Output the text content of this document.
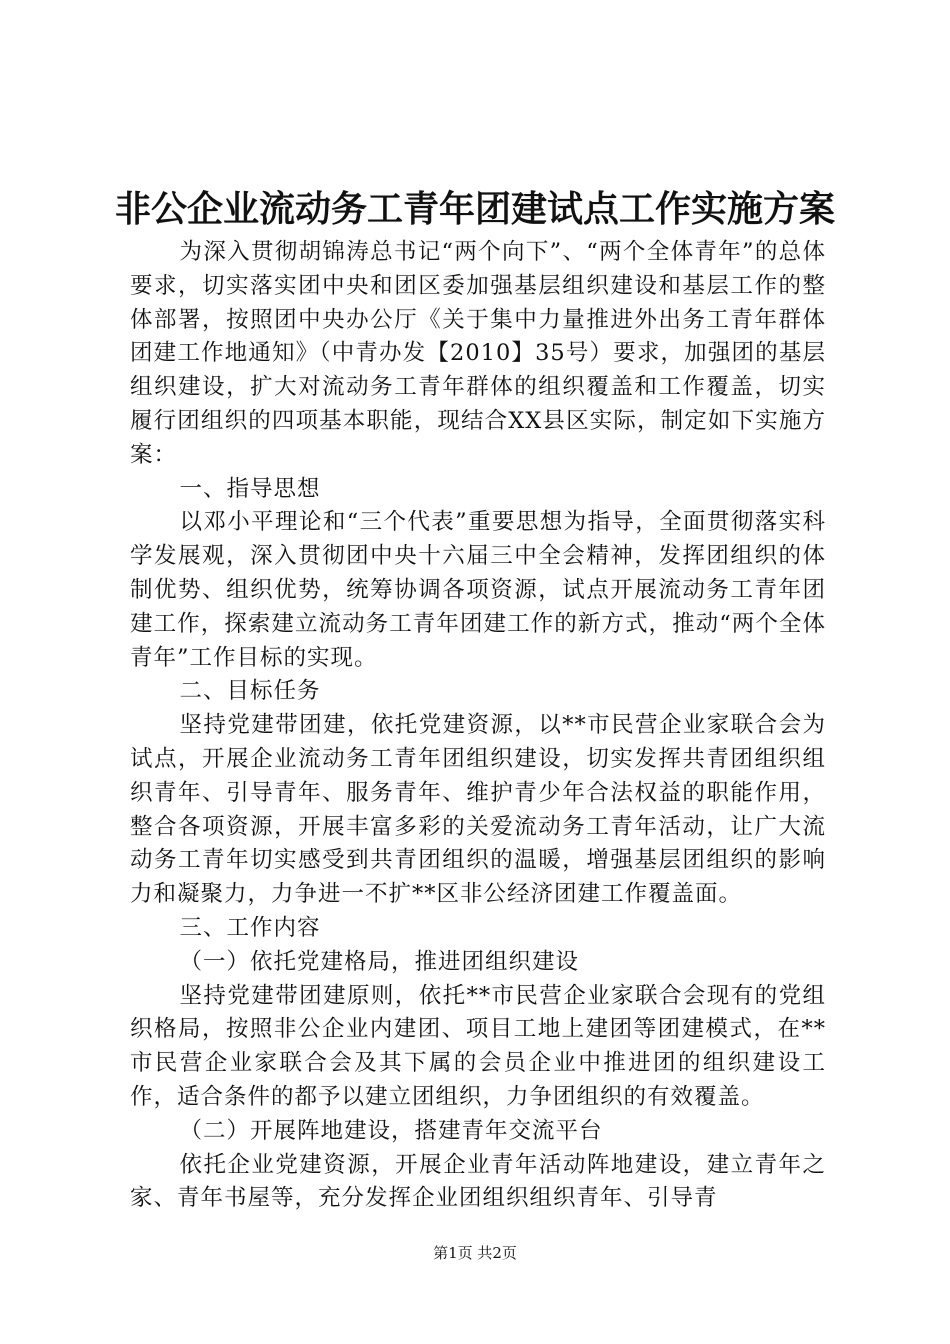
非公企业流动务工青年团建试点工作实施方案

为深入贯彻胡锦涛总书记“两个向下”、“两个全体青年”的总体要求，切实落实团中央和团区委加强基层组织建设和基层工作的整体部署，按照团中央办公厅《关于集中力量推进外出务工青年群体团建工作地通知》（中青办发【2010】35号）要求，加强团的基层组织建设，扩大对流动务工青年群体的组织覆盖和工作覆盖，切实履行团组织的四项基本职能，现结合XX县区实际，制定如下实施方案：

一、指导思想

以邓小平理论和“三个代表”重要思想为指导，全面贯彻落实科学发展观，深入贯彻团中央十六届三中全会精神，发挥团组织的体制优势、组织优势，统筹协调各项资源，试点开展流动务工青年团建工作，探索建立流动务工青年团建工作的新方式，推动“两个全体青年”工作目标的实现。

二、目标任务

坚持党建带团建，依托党建资源，以**市民营企业家联合会为试点，开展企业流动务工青年团组织建设，切实发挥共青团组织组织青年、引导青年、服务青年、维护青少年合法权益的职能作用，整合各项资源，开展丰富多彩的关爱流动务工青年活动，让广大流动务工青年切实感受到共青团组织的温暖，增强基层团组织的影响力和凝聚力，力争进一不扩**区非公经济团建工作覆盖面。

三、工作内容

（一）依托党建格局，推进团组织建设

坚持党建带团建原则，依托**市民营企业家联合会现有的党组织格局，按照非公企业内建团、项目工地上建团等团建模式，在**市民营企业家联合会及其下属的会员企业中推进团的组织建设工作，适合条件的都予以建立团组织，力争团组织的有效覆盖。

（二）开展阵地建设，搭建青年交流平台

依托企业党建资源，开展企业青年活动阵地建设，建立青年之家、青年书屋等，充分发挥企业团组织组织青年、引导青

第1页 共2页
